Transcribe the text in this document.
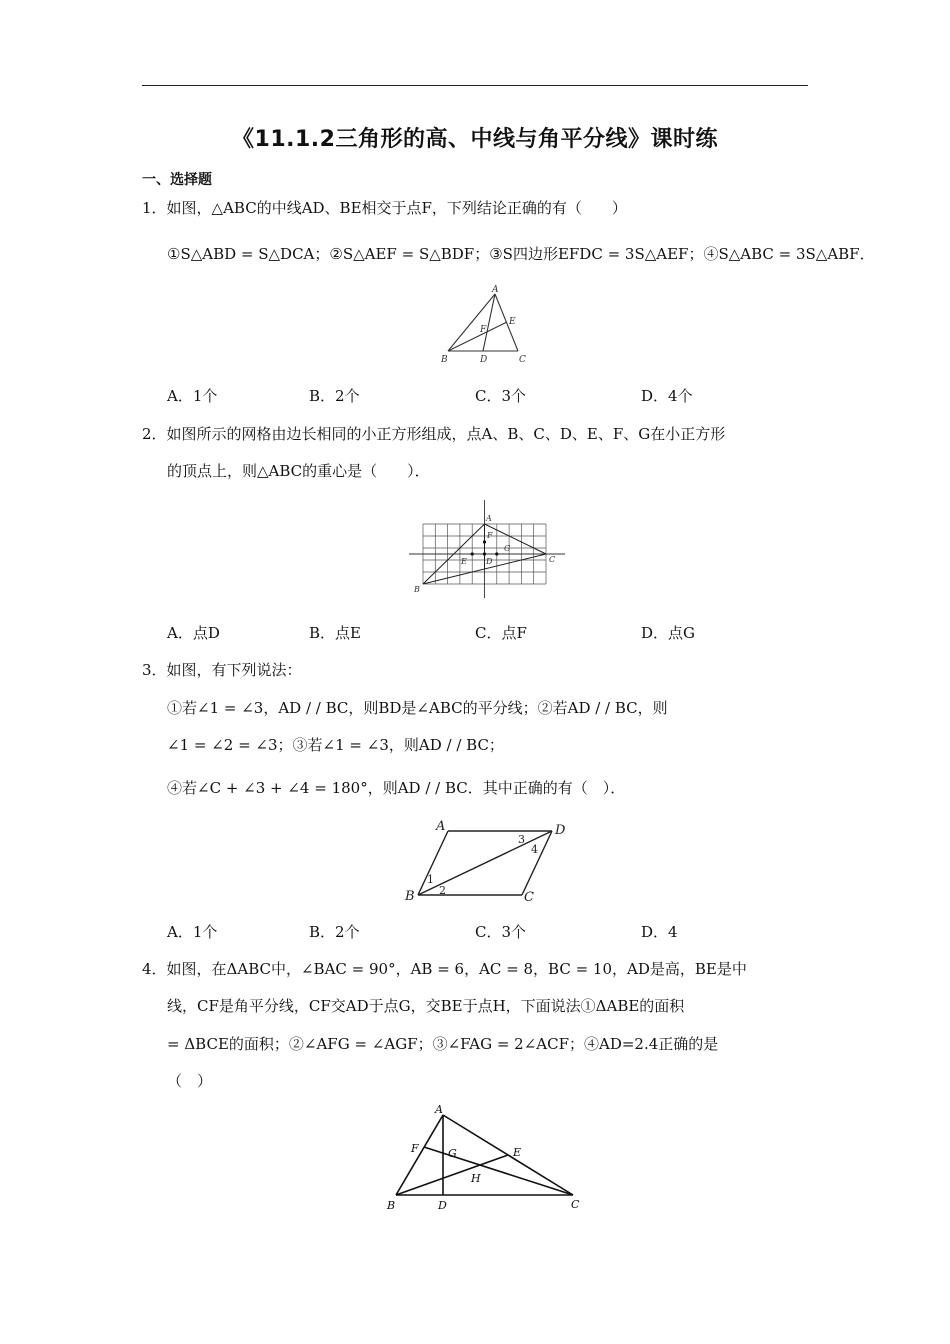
《11.1.2三角形的高、中线与角平分线》课时练
一、选择题
1．如图，△ABC的中线AD、BE相交于点F，下列结论正确的有（　　）
①S△ABD = S△DCA；②S△AEF = S△BDF；③S四边形EFDC = 3S△AEF；④S△ABC = 3S△ABF．
A
B	C
D
E
F
A．1个	B．2个	C．3个	D．4个
2．如图所示的网格由边长相同的小正方形组成，点A、B、C、D、E、F、G在小正方形
的顶点上，则△ABC的重心是（　　）．
A
B
C
D
E
F
G
A．点D	B．点E	C．点F	D．点G
3．如图，有下列说法：
①若∠1 = ∠3，AD / / BC，则BD是∠ABC的平分线；②若AD / / BC，则
∠1 = ∠2 = ∠3；③若∠1 = ∠3，则AD / / BC；
④若∠C + ∠3 + ∠4 = 180°，则AD / / BC．其中正确的有（　）．
A	D
B	C
1
2
3
4
A．1个	B．2个	C．3个	D．4
4．如图，在ΔABC中，∠BAC = 90°，AB = 6，AC = 8，BC = 10，AD是高，BE是中
线，CF是角平分线，CF交AD于点G，交BE于点H，下面说法①ΔABE的面积
= ΔBCE的面积；②∠AFG = ∠AGF；③∠FAG = 2∠ACF；④AD=2.4正确的是
（　）
A
F	G	E
H
B	D	C
